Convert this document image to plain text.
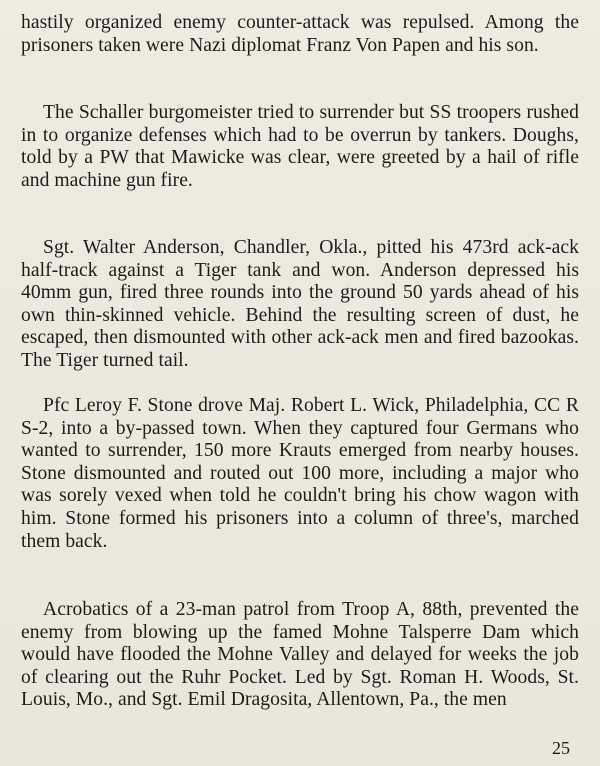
hastily organized enemy counter-attack was repulsed. Among the prisoners taken were Nazi diplomat Franz Von Papen and his son.

The Schaller burgomeister tried to surrender but SS troopers rushed in to organize defenses which had to be overrun by tankers. Doughs, told by a PW that Mawicke was clear, were greeted by a hail of rifle and machine gun fire.

Sgt. Walter Anderson, Chandler, Okla., pitted his 473rd ack-ack half-track against a Tiger tank and won. Anderson depressed his 40mm gun, fired three rounds into the ground 50 yards ahead of his own thin-skinned vehicle. Behind the resulting screen of dust, he escaped, then dismounted with other ack-ack men and fired bazookas. The Tiger turned tail.

Pfc Leroy F. Stone drove Maj. Robert L. Wick, Philadelphia, CC R S-2, into a by-passed town. When they captured four Germans who wanted to surrender, 150 more Krauts emerged from nearby houses. Stone dismounted and routed out 100 more, including a major who was sorely vexed when told he couldn't bring his chow wagon with him. Stone formed his prisoners into a column of three's, marched them back.

Acrobatics of a 23-man patrol from Troop A, 88th, prevented the enemy from blowing up the famed Mohne Talsperre Dam which would have flooded the Mohne Valley and delayed for weeks the job of clearing out the Ruhr Pocket. Led by Sgt. Roman H. Woods, St. Louis, Mo., and Sgt. Emil Dragosita, Allentown, Pa., the men

25
